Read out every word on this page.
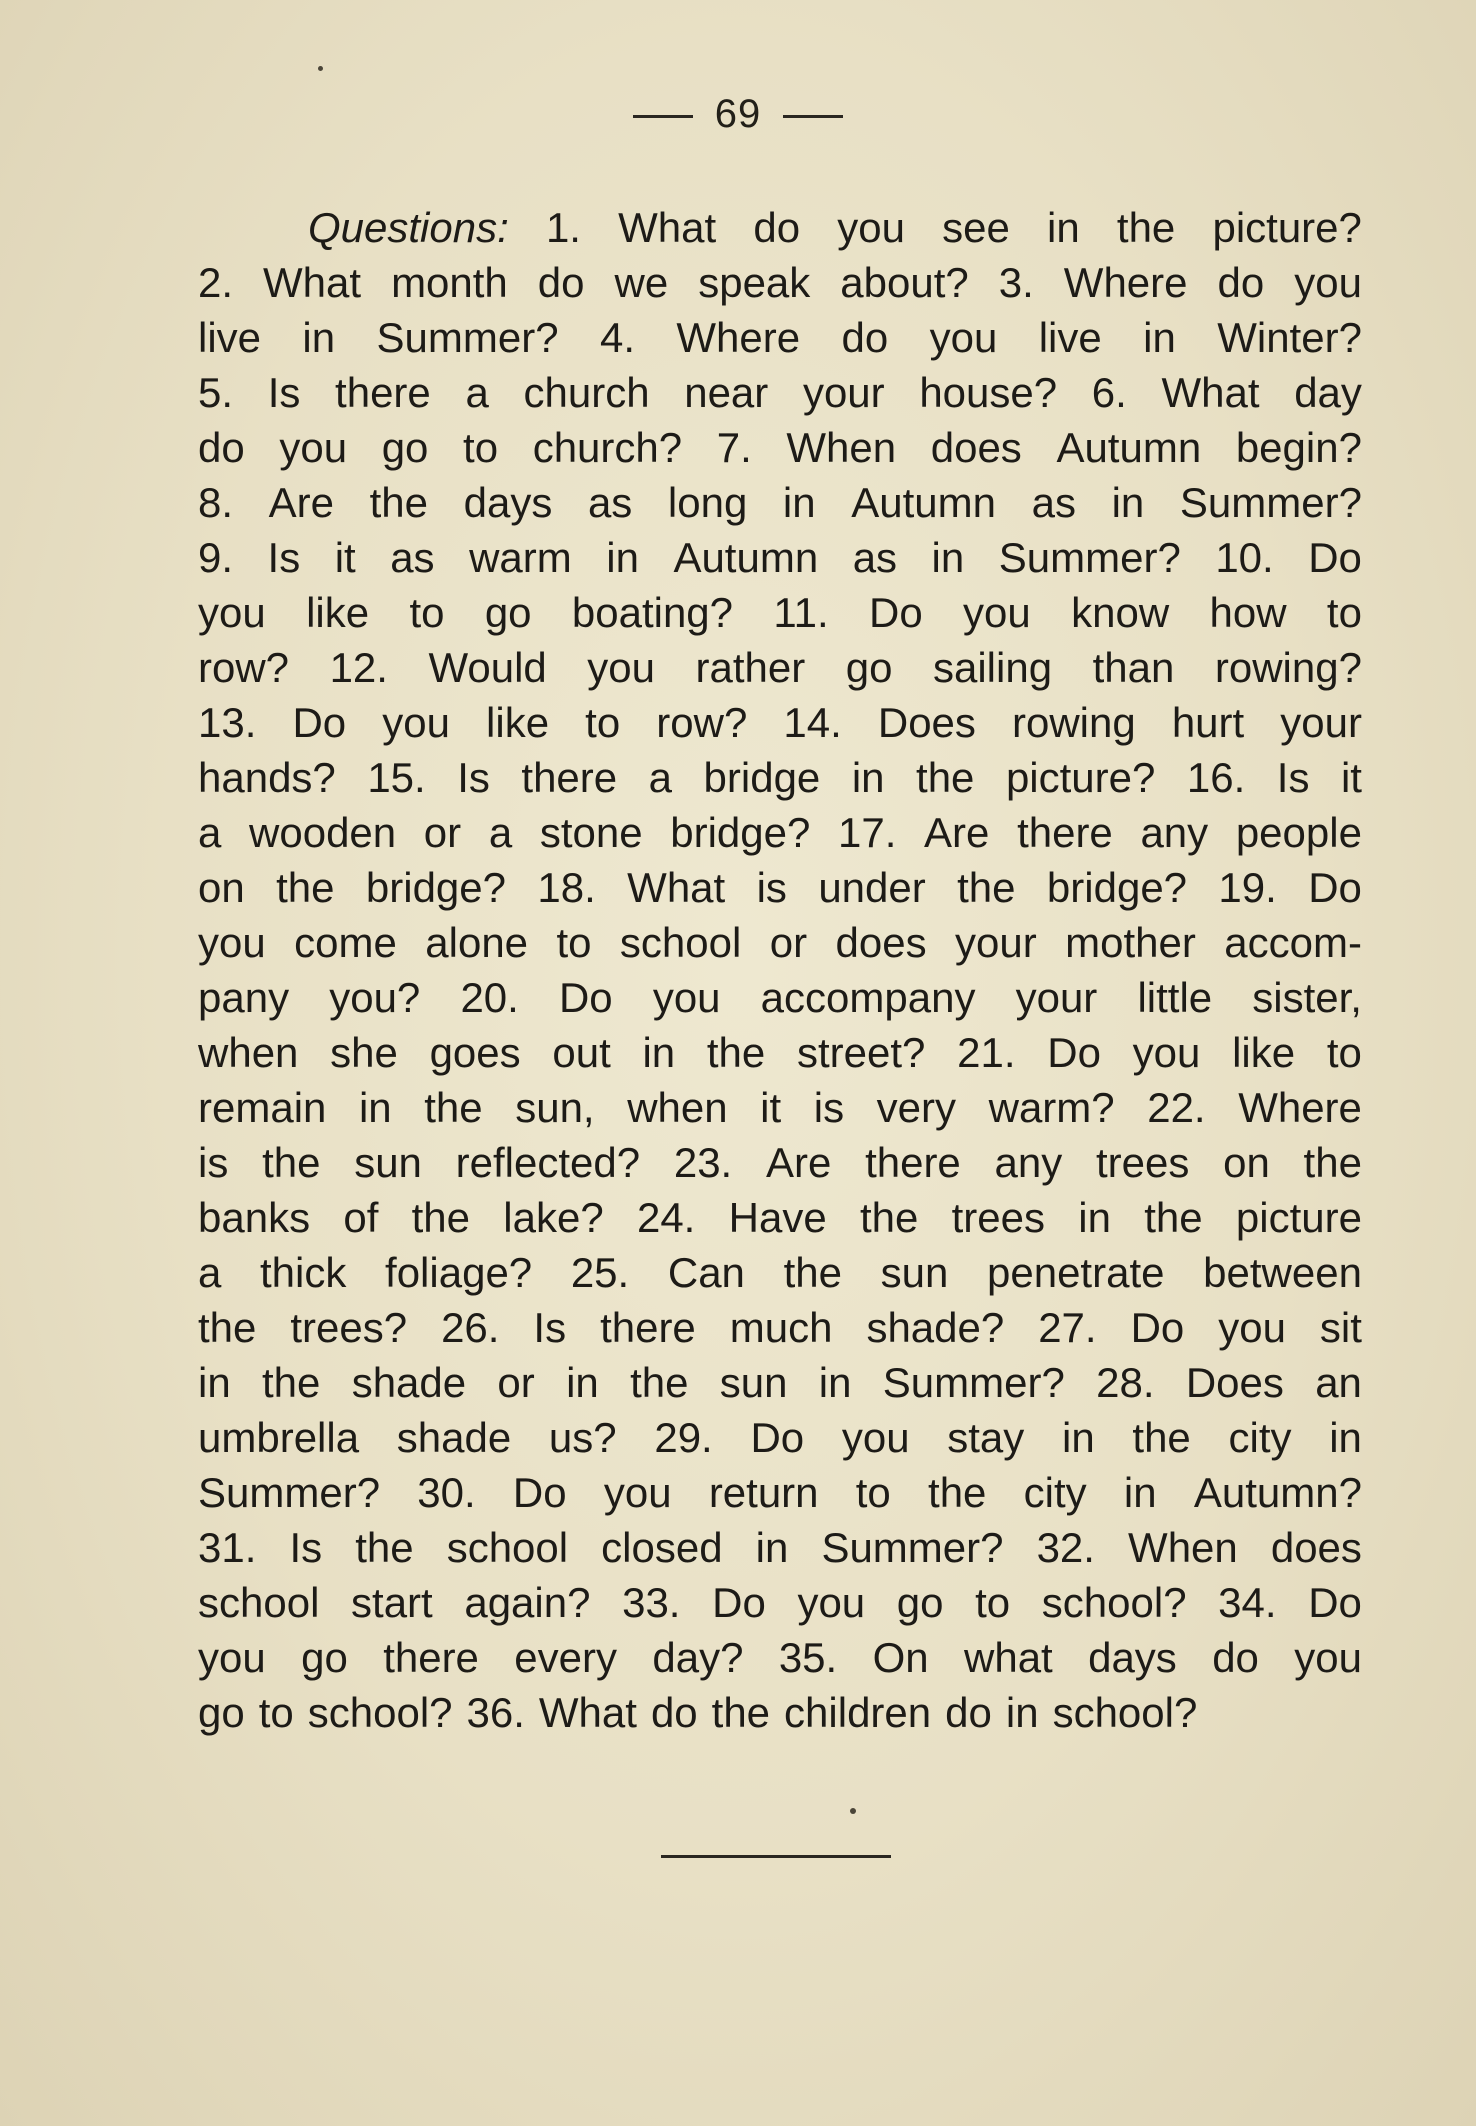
69
Questions: 1. What do you see in the picture?
2. What month do we speak about? 3. Where do you
live in Summer? 4. Where do you live in Winter?
5. Is there a church near your house? 6. What day
do you go to church? 7. When does Autumn begin?
8. Are the days as long in Autumn as in Summer?
9. Is it as warm in Autumn as in Summer? 10. Do
you like to go boating? 11. Do you know how to
row? 12. Would you rather go sailing than rowing?
13. Do you like to row? 14. Does rowing hurt your
hands? 15. Is there a bridge in the picture? 16. Is it
a wooden or a stone bridge? 17. Are there any people
on the bridge? 18. What is under the bridge? 19. Do
you come alone to school or does your mother accom-
pany you? 20. Do you accompany your little sister,
when she goes out in the street? 21. Do you like to
remain in the sun, when it is very warm? 22. Where
is the sun reflected? 23. Are there any trees on the
banks of the lake? 24. Have the trees in the picture
a thick foliage? 25. Can the sun penetrate between
the trees? 26. Is there much shade? 27. Do you sit
in the shade or in the sun in Summer? 28. Does an
umbrella shade us? 29. Do you stay in the city in
Summer? 30. Do you return to the city in Autumn?
31. Is the school closed in Summer? 32. When does
school start again? 33. Do you go to school? 34. Do
you go there every day? 35. On what days do you
go to school? 36. What do the children do in school?
